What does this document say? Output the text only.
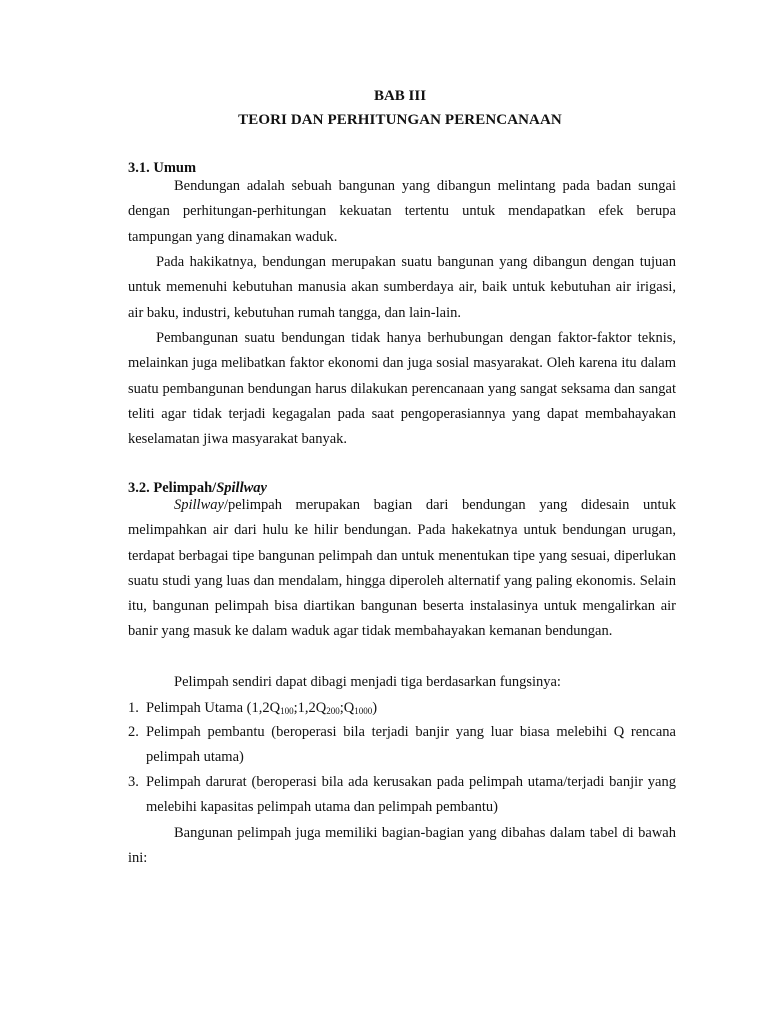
BAB III
TEORI DAN PERHITUNGAN PERENCANAAN
3.1. Umum

Bendungan adalah sebuah bangunan yang dibangun melintang pada badan sungai dengan perhitungan-perhitungan kekuatan tertentu untuk mendapatkan efek berupa tampungan yang dinamakan waduk.

Pada hakikatnya, bendungan merupakan suatu bangunan yang dibangun dengan tujuan untuk memenuhi kebutuhan manusia akan sumberdaya air, baik untuk kebutuhan air irigasi, air baku, industri, kebutuhan rumah tangga, dan lain-lain.

Pembangunan suatu bendungan tidak hanya berhubungan dengan faktor-faktor teknis, melainkan juga melibatkan faktor ekonomi dan juga sosial masyarakat. Oleh karena itu dalam suatu pembangunan bendungan harus dilakukan perencanaan yang sangat seksama dan sangat teliti agar tidak terjadi kegagalan pada saat pengoperasiannya yang dapat membahayakan keselamatan jiwa masyarakat banyak.

3.2. Pelimpah/Spillway

Spillway/pelimpah merupakan bagian dari bendungan yang didesain untuk melimpahkan air dari hulu ke hilir bendungan. Pada hakekatnya untuk bendungan urugan, terdapat berbagai tipe bangunan pelimpah dan untuk menentukan tipe yang sesuai, diperlukan suatu studi yang luas dan mendalam, hingga diperoleh alternatif yang paling ekonomis. Selain itu, bangunan pelimpah bisa diartikan bangunan beserta instalasinya untuk mengalirkan air banir yang masuk ke dalam waduk agar tidak membahayakan kemanan bendungan.

Pelimpah sendiri dapat dibagi menjadi tiga berdasarkan fungsinya:

1. Pelimpah Utama $(1,2Q_{100};1,2Q_{200};Q_{1000})$
2. Pelimpah pembantu (beroperasi bila terjadi banjir yang luar biasa melebihi Q rencana pelimpah utama)
3. Pelimpah darurat (beroperasi bila ada kerusakan pada pelimpah utama/terjadi banjir yang melebihi kapasitas pelimpah utama dan pelimpah pembantu)

Bangunan pelimpah juga memiliki bagian-bagian yang dibahas dalam tabel di bawah ini:
